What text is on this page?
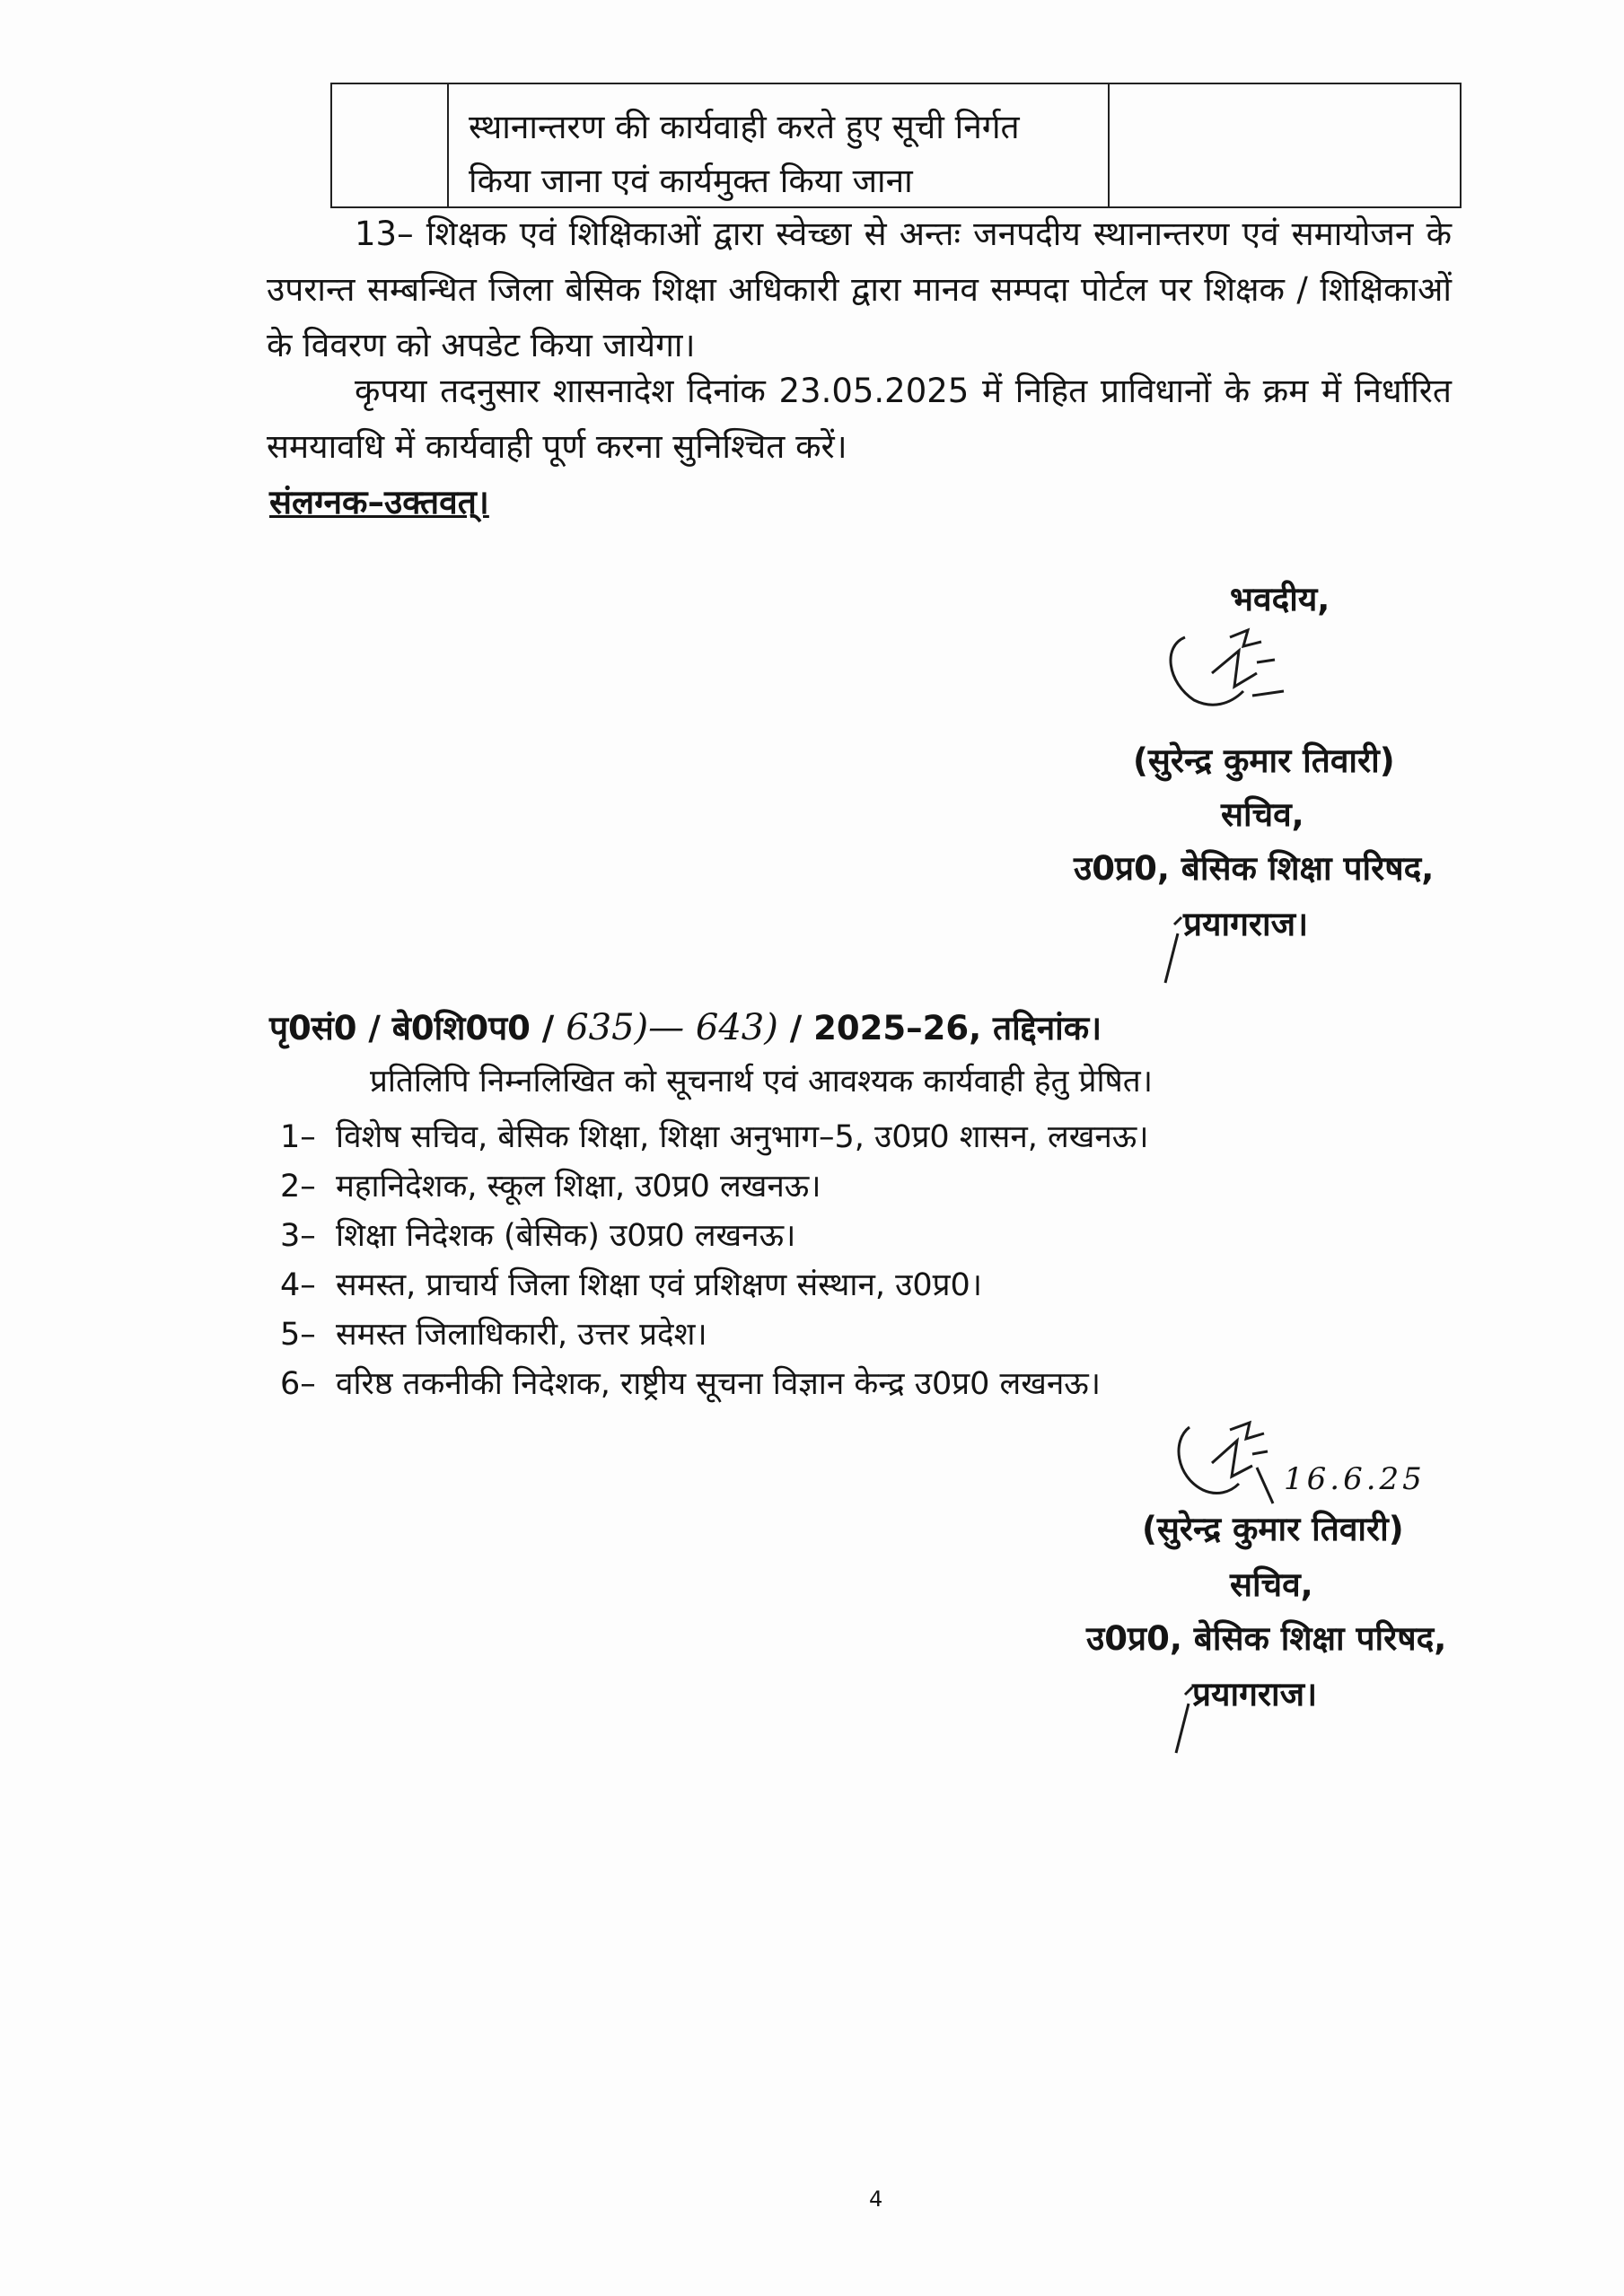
स्थानान्तरण की कार्यवाही करते हुए सूची निर्गत
किया जाना एवं कार्यमुक्त किया जाना
13– शिक्षक एवं शिक्षिकाओं द्वारा स्वेच्छा से अन्तः जनपदीय स्थानान्तरण एवं समायोजन के उपरान्त सम्बन्धित जिला बेसिक शिक्षा अधिकारी द्वारा मानव सम्पदा पोर्टल पर शिक्षक / शिक्षिकाओं के विवरण को अपडेट किया जायेगा।
कृपया तदनुसार शासनादेश दिनांक 23.05.2025 में निहित प्राविधानों के क्रम में निर्धारित समयावधि में कार्यवाही पूर्ण करना सुनिश्चित करें।
संलग्नक–उक्तवत्।
भवदीय,
(सुरेन्द्र कुमार तिवारी)
सचिव,
उ0प्र0, बेसिक शिक्षा परिषद,
प्रयागराज।
पृ0सं0 / बे0शि0प0 / 635)— 643) / 2025–26, तद्दिनांक।
प्रतिलिपि निम्नलिखित को सूचनार्थ एवं आवश्यक कार्यवाही हेतु प्रेषित।
1– विशेष सचिव, बेसिक शिक्षा, शिक्षा अनुभाग–5, उ0प्र0 शासन, लखनऊ।
2– महानिदेशक, स्कूल शिक्षा, उ0प्र0 लखनऊ।
3– शिक्षा निदेशक (बेसिक) उ0प्र0 लखनऊ।
4– समस्त, प्राचार्य जिला शिक्षा एवं प्रशिक्षण संस्थान, उ0प्र0।
5– समस्त जिलाधिकारी, उत्तर प्रदेश।
6– वरिष्ठ तकनीकी निदेशक, राष्ट्रीय सूचना विज्ञान केन्द्र उ0प्र0 लखनऊ।
16.6.25
(सुरेन्द्र कुमार तिवारी)
सचिव,
उ0प्र0, बेसिक शिक्षा परिषद,
प्रयागराज।
4
